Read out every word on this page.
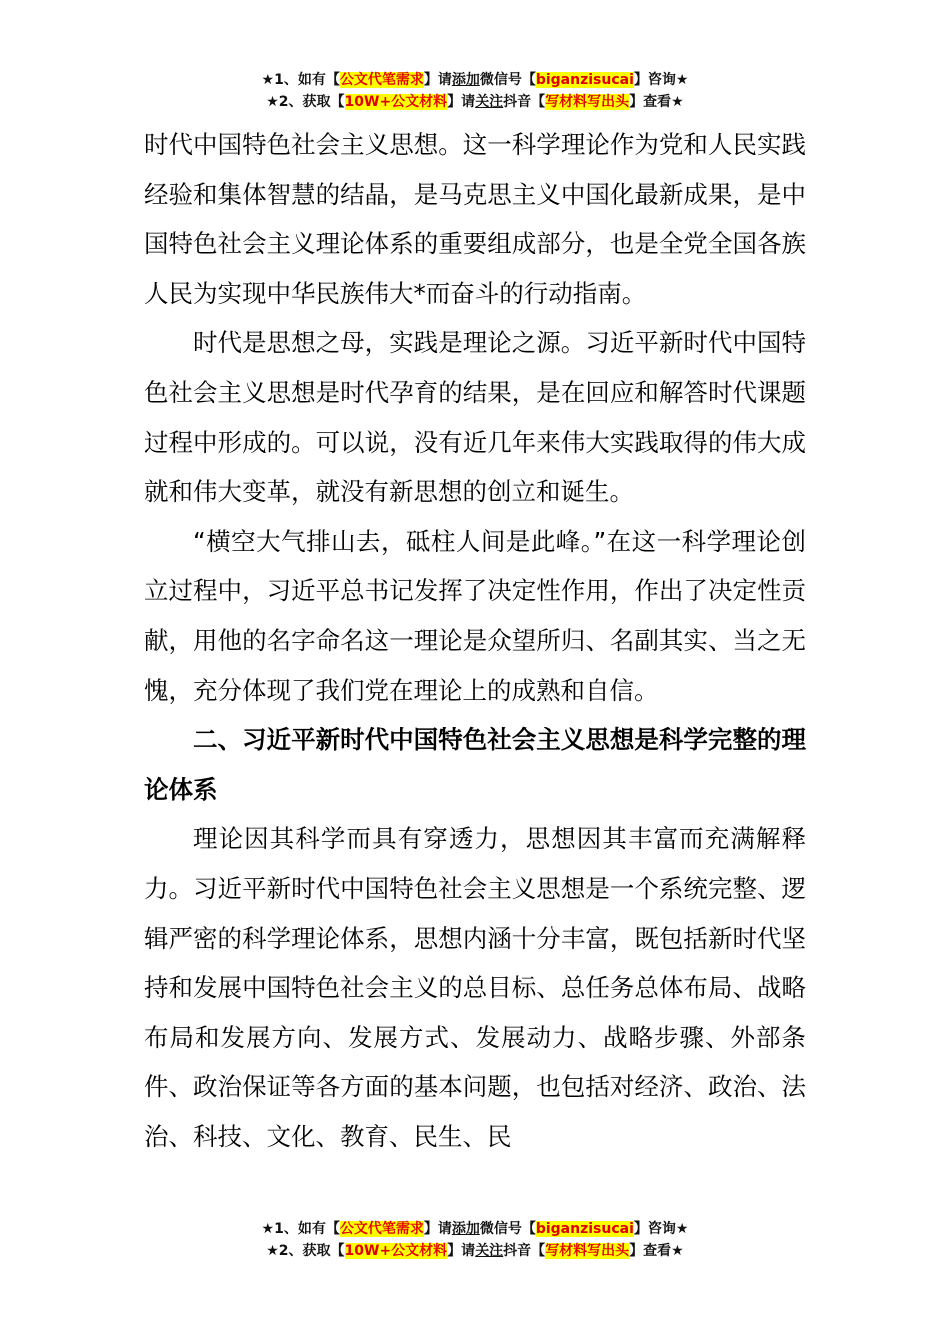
★1、如有【公文代笔需求】请添加微信号【biganzisucai】咨询★
★2、获取【10W+公文材料】请关注抖音【写材料写出头】查看★

时代中国特色社会主义思想。这一科学理论作为党和人民实践经验和集体智慧的结晶，是马克思主义中国化最新成果，是中国特色社会主义理论体系的重要组成部分，也是全党全国各族人民为实现中华民族伟大*而奋斗的行动指南。

时代是思想之母，实践是理论之源。习近平新时代中国特色社会主义思想是时代孕育的结果，是在回应和解答时代课题过程中形成的。可以说，没有近几年来伟大实践取得的伟大成就和伟大变革，就没有新思想的创立和诞生。

“横空大气排山去，砥柱人间是此峰。”在这一科学理论创立过程中，习近平总书记发挥了决定性作用，作出了决定性贡献，用他的名字命名这一理论是众望所归、名副其实、当之无愧，充分体现了我们党在理论上的成熟和自信。

二、习近平新时代中国特色社会主义思想是科学完整的理论体系

理论因其科学而具有穿透力，思想因其丰富而充满解释力。习近平新时代中国特色社会主义思想是一个系统完整、逻辑严密的科学理论体系，思想内涵十分丰富，既包括新时代坚持和发展中国特色社会主义的总目标、总任务总体布局、战略布局和发展方向、发展方式、发展动力、战略步骤、外部条件、政治保证等各方面的基本问题，也包括对经济、政治、法治、科技、文化、教育、民生、民

★1、如有【公文代笔需求】请添加微信号【biganzisucai】咨询★
★2、获取【10W+公文材料】请关注抖音【写材料写出头】查看★
